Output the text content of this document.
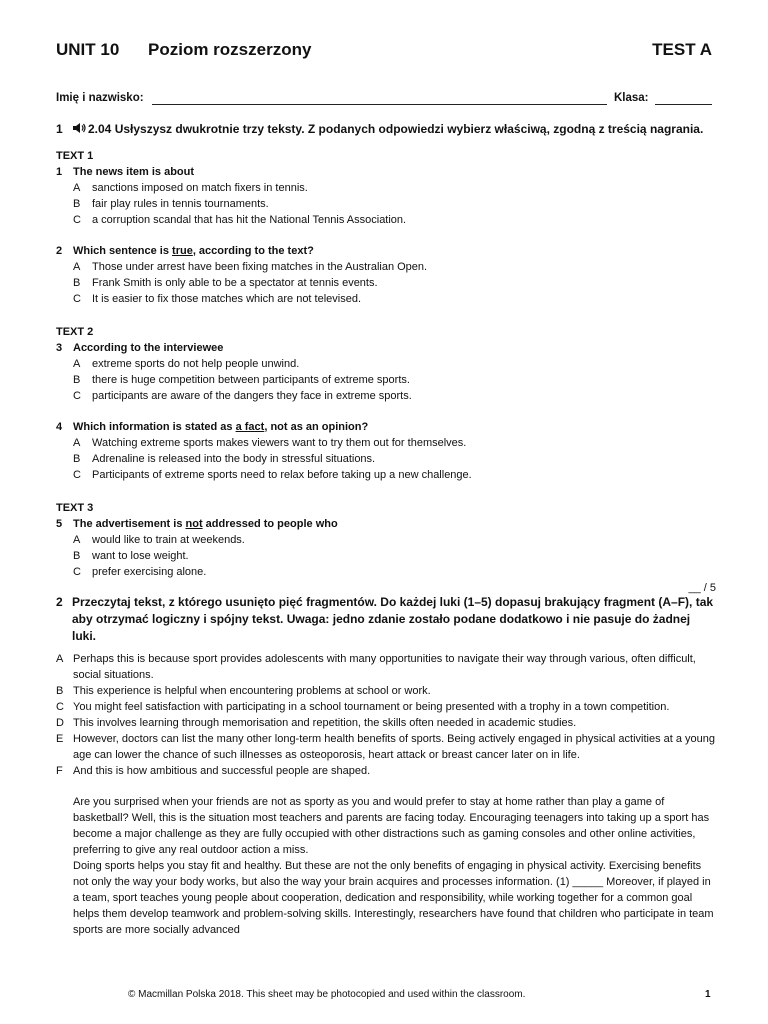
UNIT 10 Poziom rozszerzony	TEST A
Imię i nazwisko:	Klasa:
1 2.04 Usłyszysz dwukrotnie trzy teksty. Z podanych odpowiedzi wybierz właściwą, zgodną z treścią nagrania.
TEXT 1
1 The news item is about
A sanctions imposed on match fixers in tennis.
B fair play rules in tennis tournaments.
C a corruption scandal that has hit the National Tennis Association.
2 Which sentence is true, according to the text?
A Those under arrest have been fixing matches in the Australian Open.
B Frank Smith is only able to be a spectator at tennis events.
C It is easier to fix those matches which are not televised.
TEXT 2
3 According to the interviewee
A extreme sports do not help people unwind.
B there is huge competition between participants of extreme sports.
C participants are aware of the dangers they face in extreme sports.
4 Which information is stated as a fact, not as an opinion?
A Watching extreme sports makes viewers want to try them out for themselves.
B Adrenaline is released into the body in stressful situations.
C Participants of extreme sports need to relax before taking up a new challenge.
TEXT 3
5 The advertisement is not addressed to people who
A would like to train at weekends.
B want to lose weight.
C prefer exercising alone.
__ / 5
2 Przeczytaj tekst, z którego usunięto pięć fragmentów. Do każdej luki (1–5) dopasuj brakujący fragment (A–F), tak aby otrzymać logiczny i spójny tekst. Uwaga: jedno zdanie zostało podane dodatkowo i nie pasuje do żadnej luki.
A Perhaps this is because sport provides adolescents with many opportunities to navigate their way through various, often difficult, social situations.
B This experience is helpful when encountering problems at school or work.
C You might feel satisfaction with participating in a school tournament or being presented with a trophy in a town competition.
D This involves learning through memorisation and repetition, the skills often needed in academic studies.
E However, doctors can list the many other long-term health benefits of sports. Being actively engaged in physical activities at a young age can lower the chance of such illnesses as osteoporosis, heart attack or breast cancer later on in life.
F And this is how ambitious and successful people are shaped.
Are you surprised when your friends are not as sporty as you and would prefer to stay at home rather than play a game of basketball? Well, this is the situation most teachers and parents are facing today. Encouraging teenagers into taking up a sport has become a major challenge as they are fully occupied with other distractions such as gaming consoles and other online activities, preferring to give any real outdoor action a miss.
Doing sports helps you stay fit and healthy. But these are not the only benefits of engaging in physical activity. Exercising benefits not only the way your body works, but also the way your brain acquires and processes information. (1) _____ Moreover, if played in a team, sport teaches young people about cooperation, dedication and responsibility, while working together for a common goal helps them develop teamwork and problem-solving skills. Interestingly, researchers have found that children who participate in team sports are more socially advanced
© Macmillan Polska 2018. This sheet may be photocopied and used within the classroom.	1
